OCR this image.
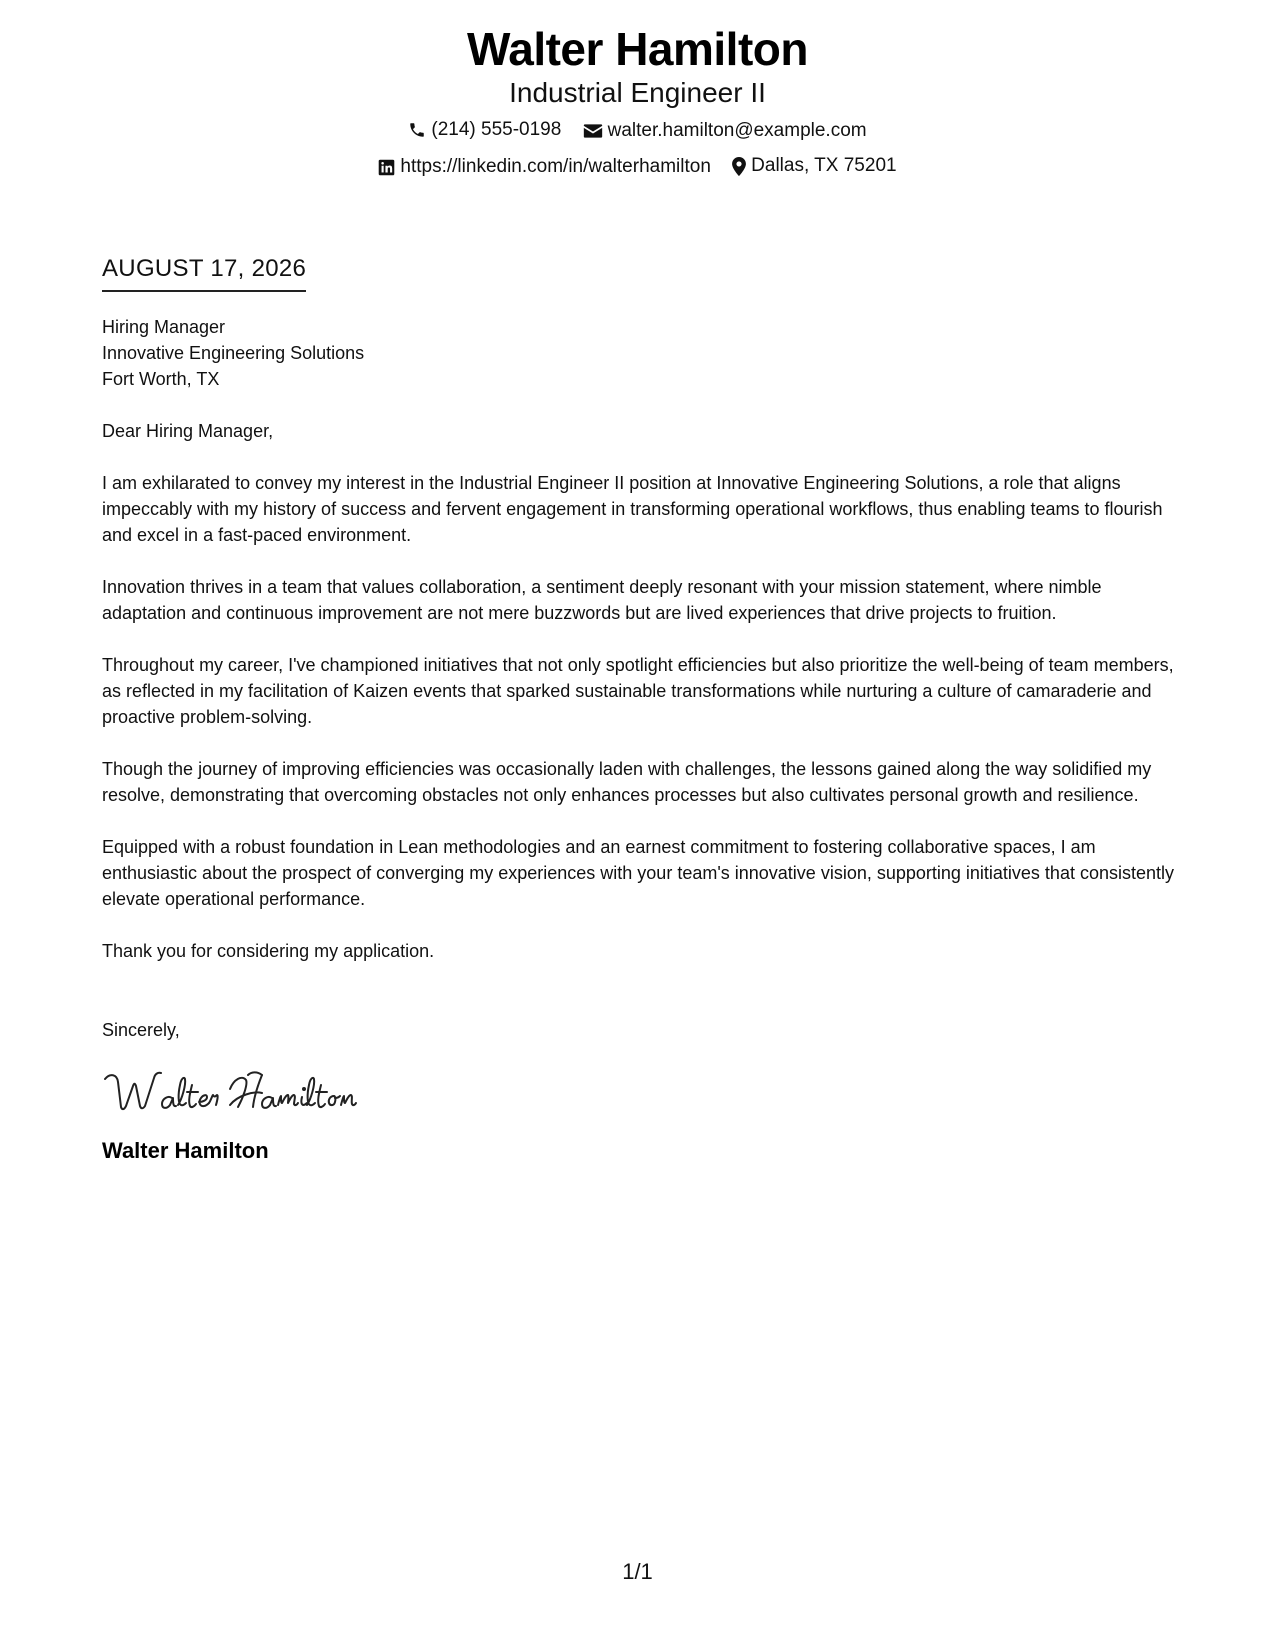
Walter Hamilton
Industrial Engineer II
(214) 555-0198
walter.hamilton@example.com
https://linkedin.com/in/walterhamilton
Dallas, TX 75201
AUGUST 17, 2026
Hiring Manager
Innovative Engineering Solutions
Fort Worth, TX
Dear Hiring Manager,
I am exhilarated to convey my interest in the Industrial Engineer II position at Innovative Engineering Solutions, a role that aligns impeccably with my history of success and fervent engagement in transforming operational workflows, thus enabling teams to flourish and excel in a fast-paced environment.
Innovation thrives in a team that values collaboration, a sentiment deeply resonant with your mission statement, where nimble adaptation and continuous improvement are not mere buzzwords but are lived experiences that drive projects to fruition.
Throughout my career, I've championed initiatives that not only spotlight efficiencies but also prioritize the well-being of team members, as reflected in my facilitation of Kaizen events that sparked sustainable transformations while nurturing a culture of camaraderie and proactive problem-solving.
Though the journey of improving efficiencies was occasionally laden with challenges, the lessons gained along the way solidified my resolve, demonstrating that overcoming obstacles not only enhances processes but also cultivates personal growth and resilience.
Equipped with a robust foundation in Lean methodologies and an earnest commitment to fostering collaborative spaces, I am enthusiastic about the prospect of converging my experiences with your team's innovative vision, supporting initiatives that consistently elevate operational performance.
Thank you for considering my application.
Sincerely,
Walter Hamilton
1/1
